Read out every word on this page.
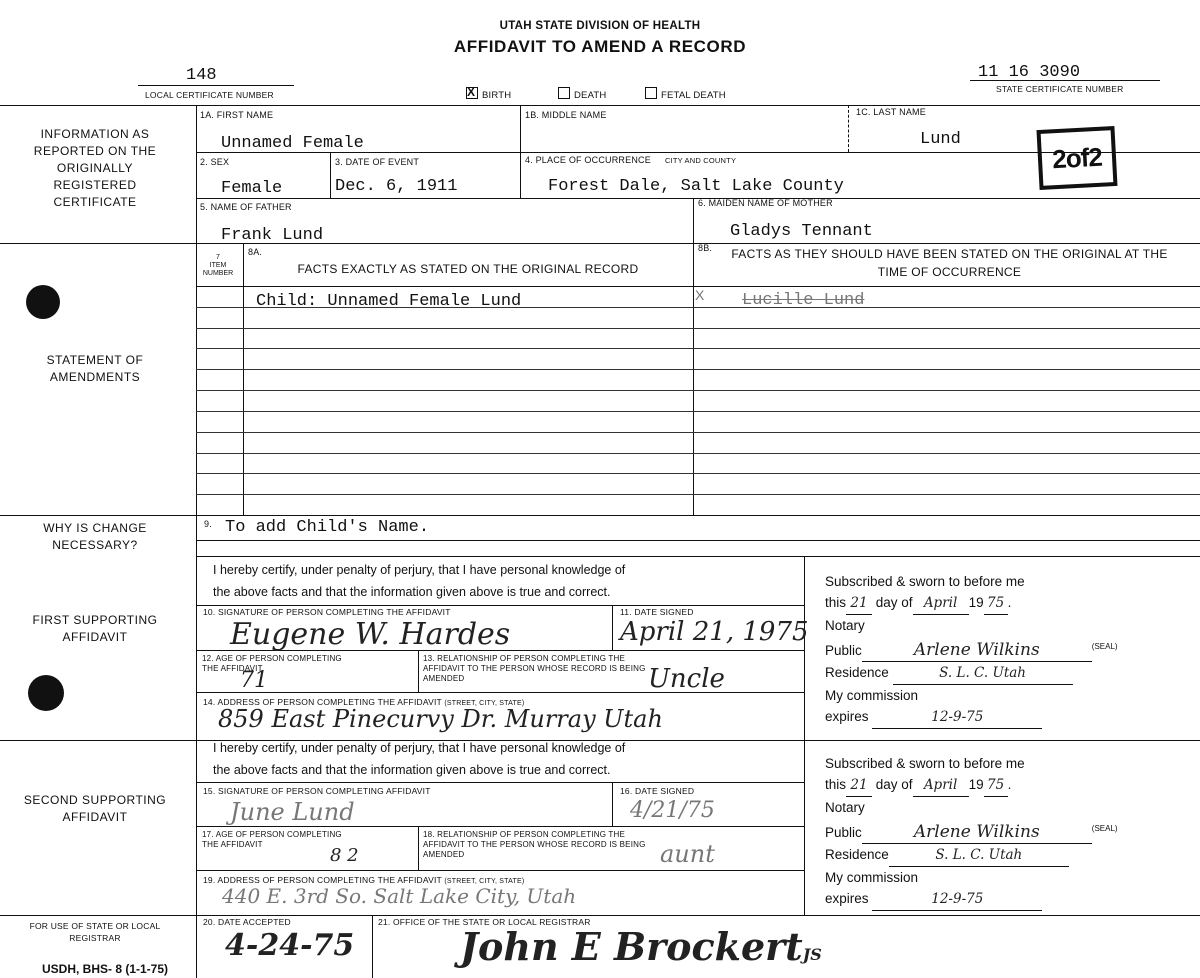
UTAH STATE DIVISION OF HEALTH
AFFIDAVIT TO AMEND A RECORD
148
LOCAL CERTIFICATE NUMBER
11 16 3090
STATE CERTIFICATE NUMBER
X BIRTH	DEATH	FETAL DEATH
INFORMATION AS REPORTED ON THE ORIGINALLY REGISTERED CERTIFICATE
STATEMENT OF AMENDMENTS
WHY IS CHANGE NECESSARY?
FIRST SUPPORTING AFFIDAVIT
SECOND SUPPORTING AFFIDAVIT
FOR USE OF STATE OR LOCAL REGISTRAR
1A. FIRST NAME
Unnamed Female
1B. MIDDLE NAME	1C. LAST NAME
Lund
2of2
2. SEX
Female
3. DATE OF EVENT
Dec. 6, 1911
4. PLACE OF OCCURRENCE CITY AND COUNTY
Forest Dale, Salt Lake County
5. NAME OF FATHER
Frank Lund
6. MAIDEN NAME OF MOTHER
Gladys Tennant
7
ITEM NUMBER
8A.
FACTS EXACTLY AS STATED ON THE ORIGINAL RECORD
8B.	FACTS AS THEY SHOULD HAVE BEEN STATED ON THE ORIGINAL AT THE TIME OF OCCURRENCE
Child: Unnamed Female Lund	X Lucille Lund
9. To add Child's Name.
I hereby certify, under penalty of perjury, that I have personal knowledge of
the above facts and that the information given above is true and correct.
10. SIGNATURE OF PERSON COMPLETING THE AFFIDAVIT
Eugene W. Hardes
11. DATE SIGNED
April 21, 1975
12. AGE OF PERSON COMPLETING THE AFFIDAVIT
71
13. RELATIONSHIP OF PERSON COMPLETING THE AFFIDAVIT TO THE PERSON WHOSE RECORD IS BEING AMENDED	Uncle
14. ADDRESS OF PERSON COMPLETING THE AFFIDAVIT (STREET, CITY, STATE)
859 East Pinecurvy Dr. Murray Utah
Subscribed & sworn to before me
this 21 day of April 19 75 .
Notary
Public	Arlene Wilkins	$^{(SEAL)}$
Residence	S. L. C. Utah
My commission
expires	12-9-75
I hereby certify, under penalty of perjury, that I have personal knowledge of
the above facts and that the information given above is true and correct.
15. SIGNATURE OF PERSON COMPLETING AFFIDAVIT
June Lund
16. DATE SIGNED
4/21/75
17. AGE OF PERSON COMPLETING THE AFFIDAVIT
8 2
18. RELATIONSHIP OF PERSON COMPLETING THE AFFIDAVIT TO THE PERSON WHOSE RECORD IS BEING AMENDED	aunt
19. ADDRESS OF PERSON COMPLETING THE AFFIDAVIT (STREET, CITY, STATE)
440 E. 3rd So. Salt Lake City, Utah
Subscribed & sworn to before me
this 21 day of April 19 75 .
Notary
Public	Arlene Wilkins	$^{(SEAL)}$
Residence	S. L. C. Utah
My commission
expires	12-9-75
20. DATE ACCEPTED
4-24-75
21. OFFICE OF THE STATE OR LOCAL REGISTRAR
John E BrockertJS
USDH, BHS- 8 (1-1-75)
